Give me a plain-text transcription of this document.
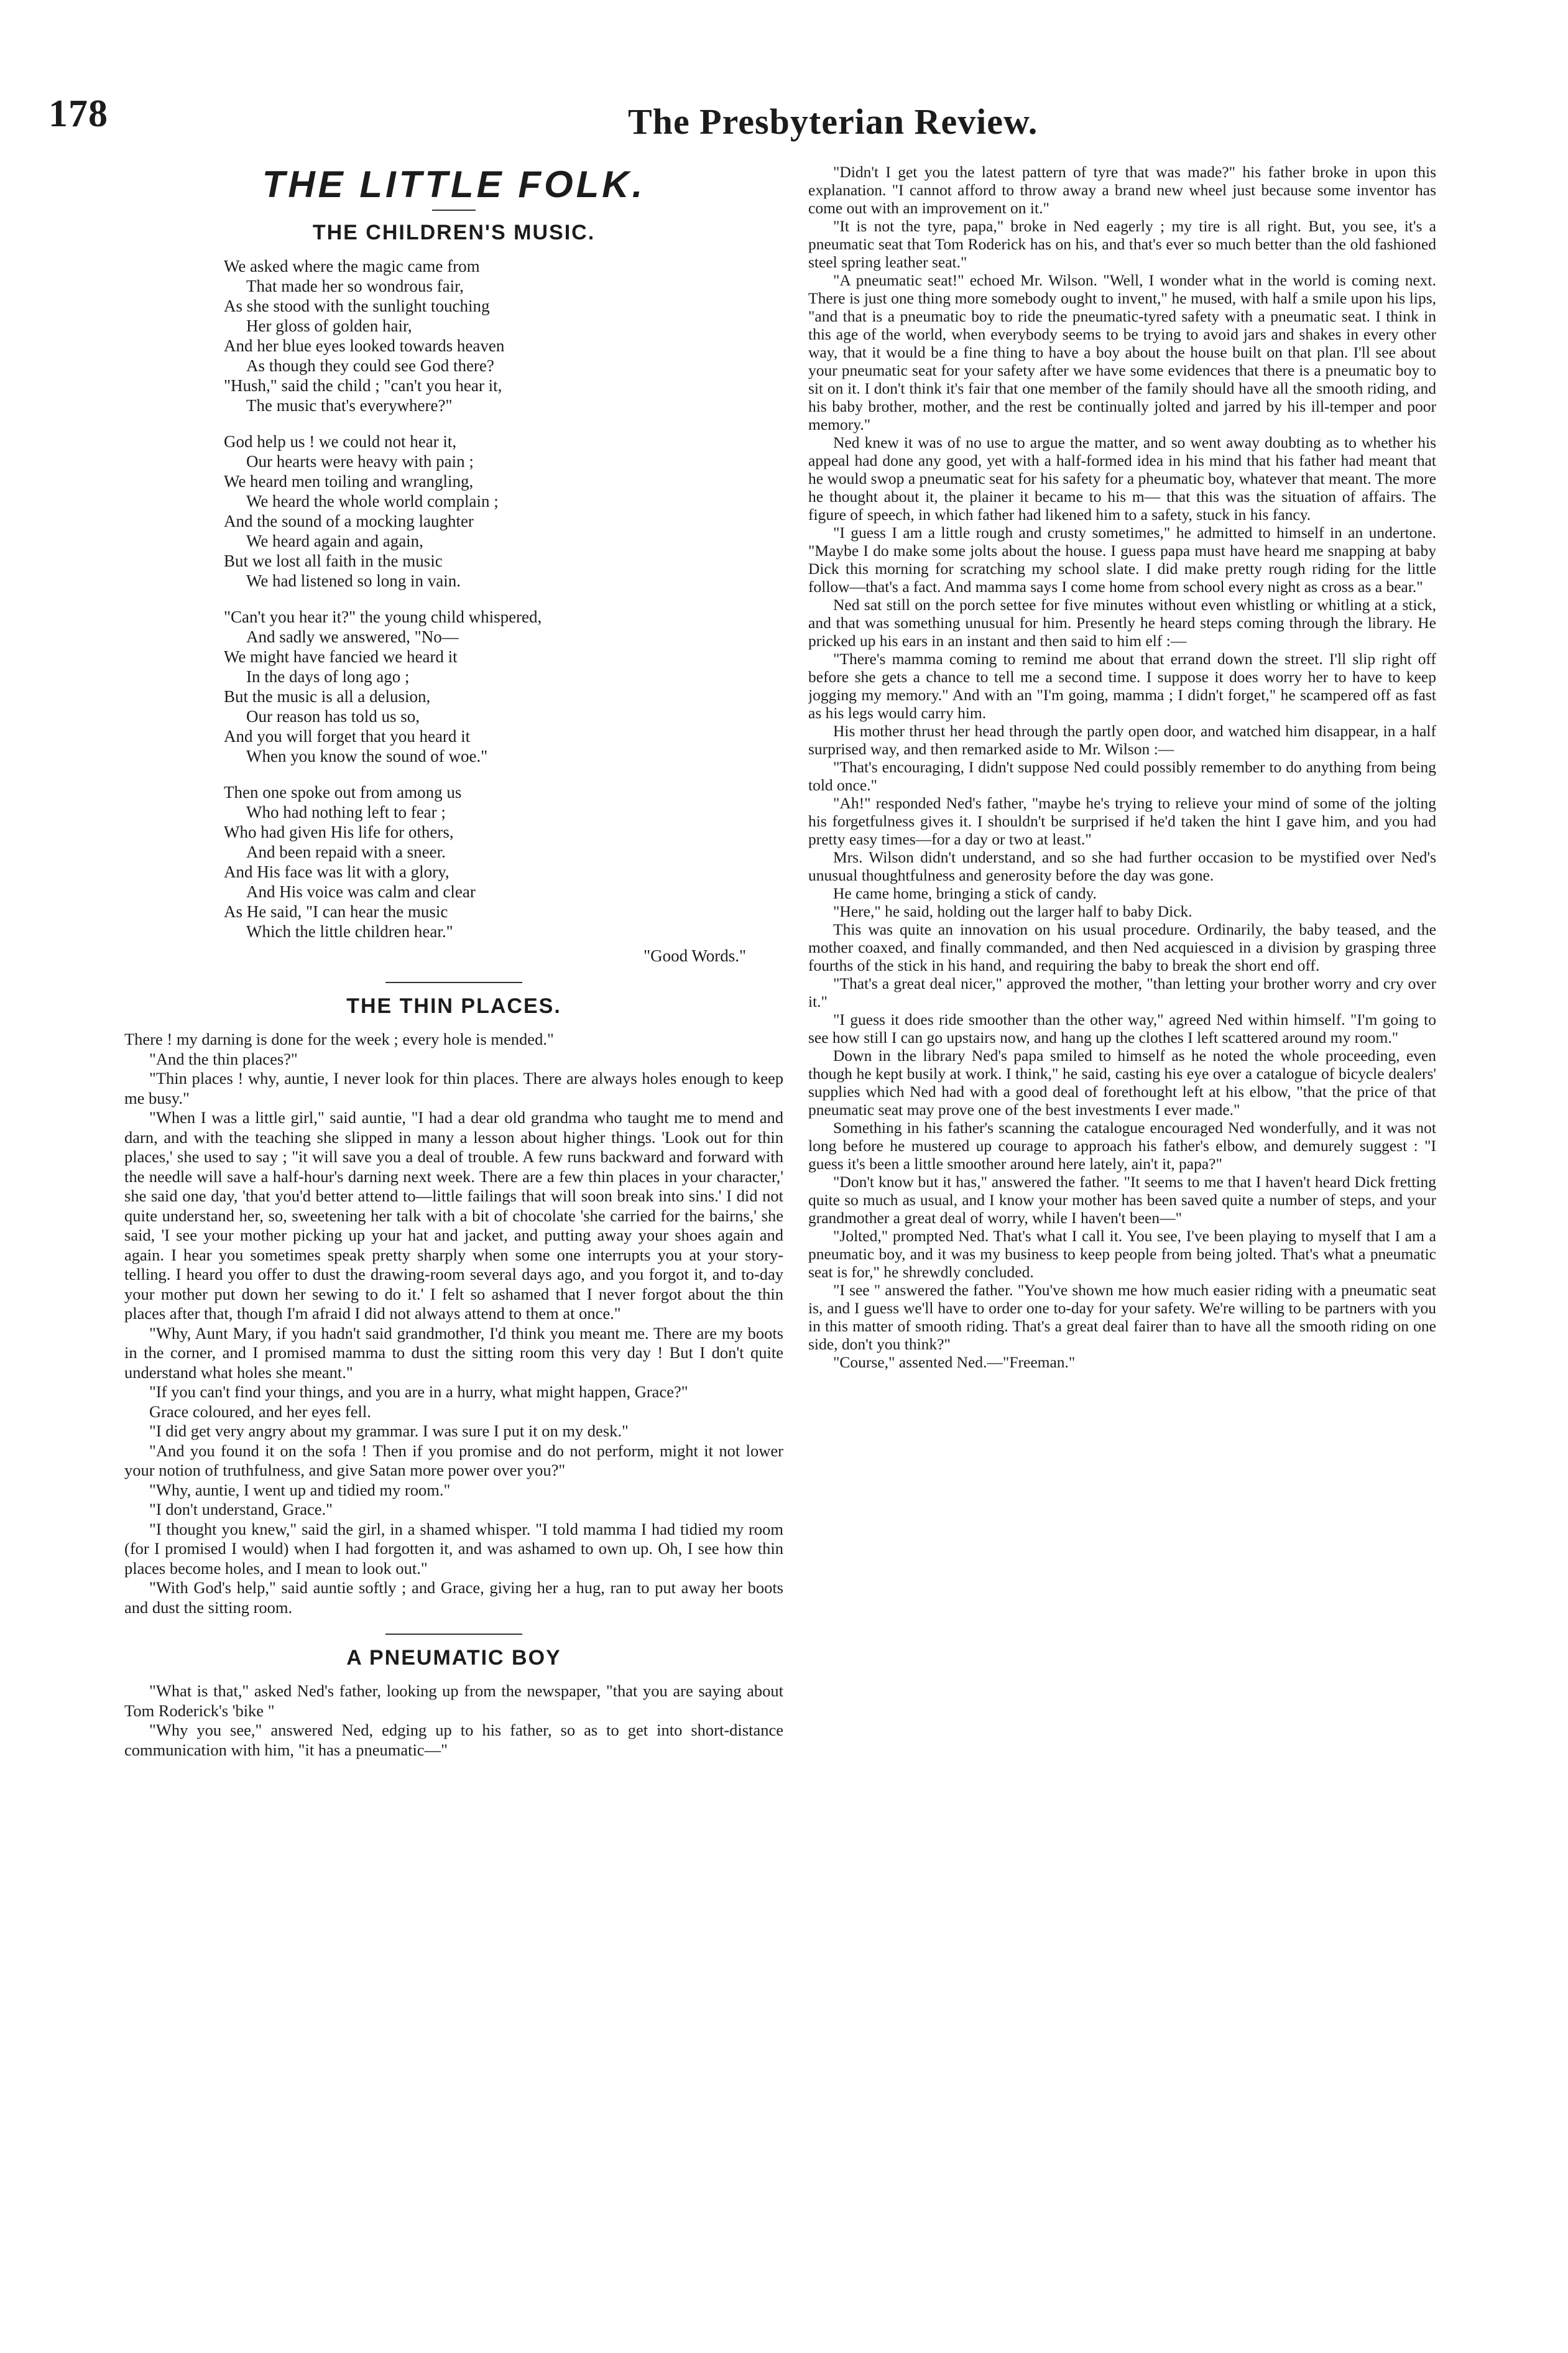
178	The Presbyterian Review.
THE LITTLE FOLK.
THE CHILDREN'S MUSIC.

We asked where the magic came from

That made her so wondrous fair,

As she stood with the sunlight touching

Her gloss of golden hair,

And her blue eyes looked towards heaven

As though they could see God there?

"Hush," said the child ; "can't you hear it,

The music that's everywhere?"

God help us ! we could not hear it,

Our hearts were heavy with pain ;

We heard men toiling and wrangling,

We heard the whole world complain ;

And the sound of a mocking laughter

We heard again and again,

But we lost all faith in the music

We had listened so long in vain.

"Can't you hear it?" the young child whispered,

And sadly we answered, "No—

We might have fancied we heard it

In the days of long ago ;

But the music is all a delusion,

Our reason has told us so,

And you will forget that you heard it

When you know the sound of woe."

Then one spoke out from among us

Who had nothing left to fear ;

Who had given His life for others,

And been repaid with a sneer.

And His face was lit with a glory,

And His voice was calm and clear

As He said, "I can hear the music

Which the little children hear."

"Good Words."
THE THIN PLACES.

There ! my darning is done for the week ; every hole is mended."

"And the thin places?"

"Thin places ! why, auntie, I never look for thin places. There are always holes enough to keep me busy."

"When I was a little girl," said auntie, "I had a dear old grandma who taught me to mend and darn, and with the teaching she slipped in many a lesson about higher things. 'Look out for thin places,' she used to say ; "it will save you a deal of trouble. A few runs backward and forward with the needle will save a half-hour's darning next week. There are a few thin places in your character,' she said one day, 'that you'd better attend to—little failings that will soon break into sins.' I did not quite understand her, so, sweetening her talk with a bit of chocolate 'she carried for the bairns,' she said, 'I see your mother picking up your hat and jacket, and putting away your shoes again and again. I hear you sometimes speak pretty sharply when some one interrupts you at your story-telling. I heard you offer to dust the drawing-room several days ago, and you forgot it, and to-day your mother put down her sewing to do it.' I felt so ashamed that I never forgot about the thin places after that, though I'm afraid I did not always attend to them at once."

"Why, Aunt Mary, if you hadn't said grandmother, I'd think you meant me. There are my boots in the corner, and I promised mamma to dust the sitting room this very day ! But I don't quite understand what holes she meant."

"If you can't find your things, and you are in a hurry, what might happen, Grace?"

Grace coloured, and her eyes fell.

"I did get very angry about my grammar. I was sure I put it on my desk."

"And you found it on the sofa ! Then if you promise and do not perform, might it not lower your notion of truthfulness, and give Satan more power over you?"

"Why, auntie, I went up and tidied my room."

"I don't understand, Grace."

"I thought you knew," said the girl, in a shamed whisper. "I told mamma I had tidied my room (for I promised I would) when I had forgotten it, and was ashamed to own up. Oh, I see how thin places become holes, and I mean to look out."

"With God's help," said auntie softly ; and Grace, giving her a hug, ran to put away her boots and dust the sitting room.

A PNEUMATIC BOY

"What is that," asked Ned's father, looking up from the newspaper, "that you are saying about Tom Roderick's 'bike "

"Why you see," answered Ned, edging up to his father, so as to get into short-distance communication with him, "it has a pneumatic—"

"Didn't I get you the latest pattern of tyre that was made?" his father broke in upon this explanation. "I cannot afford to throw away a brand new wheel just because some inventor has come out with an improvement on it."

"It is not the tyre, papa," broke in Ned eagerly ; my tire is all right. But, you see, it's a pneumatic seat that Tom Roderick has on his, and that's ever so much better than the old fashioned steel spring leather seat."

"A pneumatic seat!" echoed Mr. Wilson. "Well, I wonder what in the world is coming next. There is just one thing more somebody ought to invent," he mused, with half a smile upon his lips, "and that is a pneumatic boy to ride the pneumatic-tyred safety with a pneumatic seat. I think in this age of the world, when everybody seems to be trying to avoid jars and shakes in every other way, that it would be a fine thing to have a boy about the house built on that plan. I'll see about your pneumatic seat for your safety after we have some evidences that there is a pneumatic boy to sit on it. I don't think it's fair that one member of the family should have all the smooth riding, and his baby brother, mother, and the rest be continually jolted and jarred by his ill-temper and poor memory."

Ned knew it was of no use to argue the matter, and so went away doubting as to whether his appeal had done any good, yet with a half-formed idea in his mind that his father had meant that he would swop a pneumatic seat for his safety for a pheumatic boy, whatever that meant. The more he thought about it, the plainer it became to his m— that this was the situation of affairs. The figure of speech, in which father had likened him to a safety, stuck in his fancy.

"I guess I am a little rough and crusty sometimes," he admitted to himself in an undertone. "Maybe I do make some jolts about the house. I guess papa must have heard me snapping at baby Dick this morning for scratching my school slate. I did make pretty rough riding for the little follow—that's a fact. And mamma says I come home from school every night as cross as a bear."

Ned sat still on the porch settee for five minutes without even whistling or whitling at a stick, and that was something unusual for him. Presently he heard steps coming through the library. He pricked up his ears in an instant and then said to him elf :—

"There's mamma coming to remind me about that errand down the street. I'll slip right off before she gets a chance to tell me a second time. I suppose it does worry her to have to keep jogging my memory." And with an "I'm going, mamma ; I didn't forget," he scampered off as fast as his legs would carry him.

His mother thrust her head through the partly open door, and watched him disappear, in a half surprised way, and then remarked aside to Mr. Wilson :—

"That's encouraging, I didn't suppose Ned could possibly remember to do anything from being told once."

"Ah!" responded Ned's father, "maybe he's trying to relieve your mind of some of the jolting his forgetfulness gives it. I shouldn't be surprised if he'd taken the hint I gave him, and you had pretty easy times—for a day or two at least."

Mrs. Wilson didn't understand, and so she had further occasion to be mystified over Ned's unusual thoughtfulness and generosity before the day was gone.

He came home, bringing a stick of candy.

"Here," he said, holding out the larger half to baby Dick.

This was quite an innovation on his usual procedure. Ordinarily, the baby teased, and the mother coaxed, and finally commanded, and then Ned acquiesced in a division by grasping three fourths of the stick in his hand, and requiring the baby to break the short end off.

"That's a great deal nicer," approved the mother, "than letting your brother worry and cry over it."

"I guess it does ride smoother than the other way," agreed Ned within himself. "I'm going to see how still I can go upstairs now, and hang up the clothes I left scattered around my room."

Down in the library Ned's papa smiled to himself as he noted the whole proceeding, even though he kept busily at work. I think," he said, casting his eye over a catalogue of bicycle dealers' supplies which Ned had with a good deal of forethought left at his elbow, "that the price of that pneumatic seat may prove one of the best investments I ever made."

Something in his father's scanning the catalogue encouraged Ned wonderfully, and it was not long before he mustered up courage to approach his father's elbow, and demurely suggest : "I guess it's been a little smoother around here lately, ain't it, papa?"

"Don't know but it has," answered the father. "It seems to me that I haven't heard Dick fretting quite so much as usual, and I know your mother has been saved quite a number of steps, and your grandmother a great deal of worry, while I haven't been—"

"Jolted," prompted Ned. That's what I call it. You see, I've been playing to myself that I am a pneumatic boy, and it was my business to keep people from being jolted. That's what a pneumatic seat is for," he shrewdly concluded.

"I see " answered the father. "You've shown me how much easier riding with a pneumatic seat is, and I guess we'll have to order one to-day for your safety. We're willing to be partners with you in this matter of smooth riding. That's a great deal fairer than to have all the smooth riding on one side, don't you think?"

"Course," assented Ned.—"Freeman."
